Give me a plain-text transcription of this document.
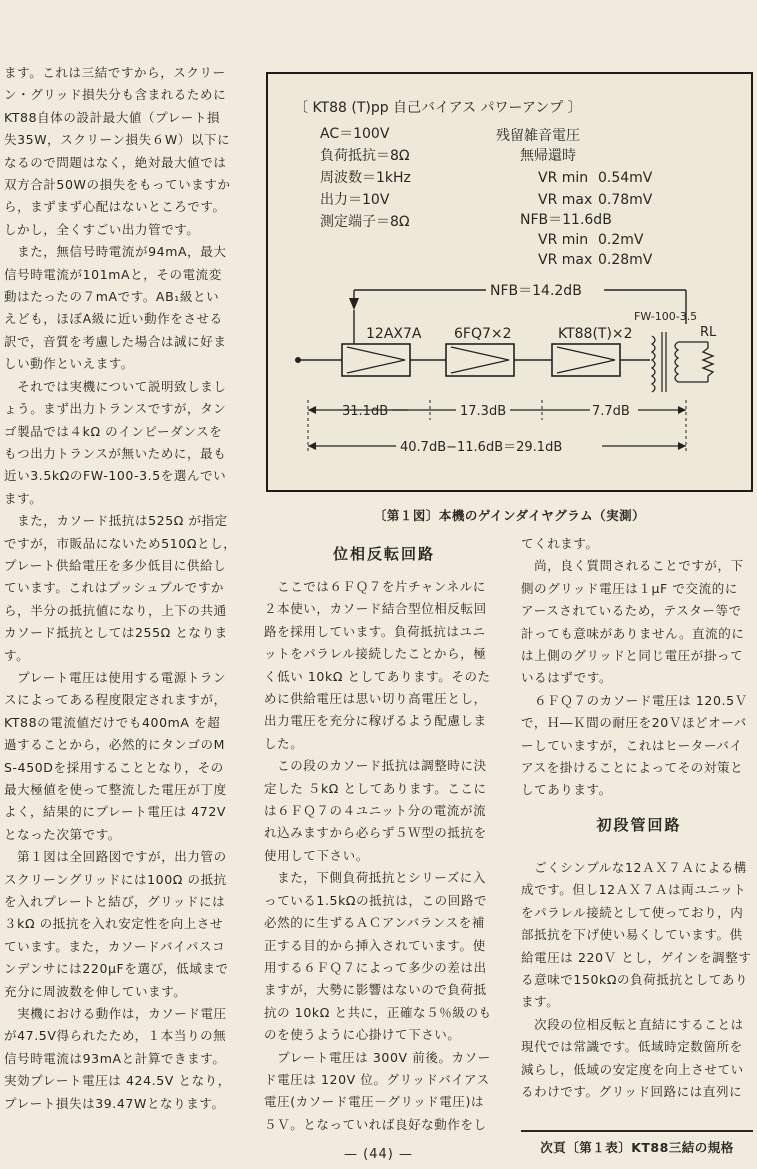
ます。これは三結ですから，スクリー

ン・グリッド損失分も含まれるために

KT88自体の設計最大値（プレート損

失35W，スクリーン損失６W）以下に

なるので問題はなく，絶対最大値では

双方合計50Wの損失をもっていますか

ら，まずまず心配はないところです。

しかし，全くすごい出力管です。

　また，無信号時電流が94mA，最大

信号時電流が101mAと，その電流変

動はたったの７mAです。AB₁級とい

えども，ほぼA級に近い動作をさせる

訳で，音質を考慮した場合は誠に好ま

しい動作といえます。

　それでは実機について説明致しまし

ょう。まず出力トランスですが，タン

ゴ製品では４kΩ のインピーダンスを

もつ出力トランスが無いために，最も

近い3.5kΩのFW-100-3.5を選んでい

ます。

　また，カソード抵抗は525Ω が指定

ですが，市販品にないため510Ωとし，

プレート供給電圧を多少低目に供給し

ています。これはプッシュプルですか

ら，半分の抵抗値になり，上下の共通

カソード抵抗としては255Ω となりま

す。

　プレート電圧は使用する電源トラン

スによってある程度限定されますが，

KT88の電流値だけでも400mA を超

過することから，必然的にタンゴのM

S-450Dを採用することとなり，その

最大極値を使って整流した電圧が丁度

よく，結果的にプレート電圧は 472V

となった次第です。

　第１図は全回路図ですが，出力管の

スクリーングリッドには100Ω の抵抗

を入れプレートと結び，グリッドには

３kΩ の抵抗を入れ安定性を向上させ

ています。また，カソードバイパスコ

ンデンサには220μFを選び，低域まで

充分に周波数を伸しています。

　実機における動作は，カソード電圧

が47.5V得られたため，１本当りの無

信号時電流は93mAと計算できます。

実効プレート電圧は 424.5V となり，

プレート損失は39.47Wとなります。

〔 KT88 (T)pp 自己バイアス パワーアンプ 〕
AC＝100V
負荷抵抗＝8Ω
周波数＝1kHz
出力＝10V
測定端子＝8Ω
残留雑音電圧
無帰還時
VR min 0.54mV
VR max 0.78mV
NFB＝11.6dB
VR min 0.2mV
VR max 0.28mV
NFB＝14.2dB
12AX7A 6FQ7×2	KT88(T)×2
FW-100-3.5
RL
31.1dB	17.3dB	7.7dB
40.7dB−11.6dB＝29.1dB
〔第１図〕本機のゲインダイヤグラム（実測）
位相反転回路

　ここでは６ＦＱ７を片チャンネルに

２本使い，カソード結合型位相反転回

路を採用しています。負荷抵抗はユニ

ットをパラレル接続したことから，極

く低い 10kΩ としてあります。そのた

めに供給電圧は思い切り高電圧とし，

出力電圧を充分に稼げるよう配慮しま

した。

　この段のカソード抵抗は調整時に決

定した ５kΩ としてあります。ここに

は６ＦＱ７の４ユニット分の電流が流

れ込みますから必らず５Ｗ型の抵抗を

使用して下さい。

　また，下側負荷抵抗とシリーズに入

っている1.5kΩの抵抗は，この回路で

必然的に生ずるＡＣアンバランスを補

正する目的から挿入されています。使

用する６ＦＱ７によって多少の差は出

ますが，大勢に影響はないので負荷抵

抗の 10kΩ と共に，正確な５％級のも

のを使うように心掛けて下さい。

　プレート電圧は 300V 前後。カソー

ド電圧は 120V 位。グリッドバイアス

電圧(カソード電圧－グリッド電圧)は

５Ｖ。となっていれば良好な動作をし

てくれます。

　尚，良く質問されることですが，下

側のグリッド電圧は１μF で交流的に

アースされているため，テスター等で

計っても意味がありません。直流的に

は上側のグリッドと同じ電圧が掛って

いるはずです。

　６ＦＱ７のカソード電圧は 120.5Ｖ

で，Ｈ―Ｋ間の耐圧を20Ｖほどオーバ

ーしていますが，これはヒーターバイ

アスを掛けることによってその対策と

してあります。

　ごくシンプルな12ＡＸ７Ａによる構

成です。但し12ＡＸ７Ａは両ユニット

をパラレル接続として使っており，内

部抵抗を下げ使い易くしています。供

給電圧は 220Ｖ とし，ゲインを調整す

る意味で150kΩの負荷抵抗としてあり

ます。

　次段の位相反転と直結にすることは

現代では常識です。低域時定数箇所を

減らし，低域の安定度を向上させてい

るわけです。グリッド回路には直列に

初段管回路
次頁〔第１表〕KT88三結の規格
— (44) —
